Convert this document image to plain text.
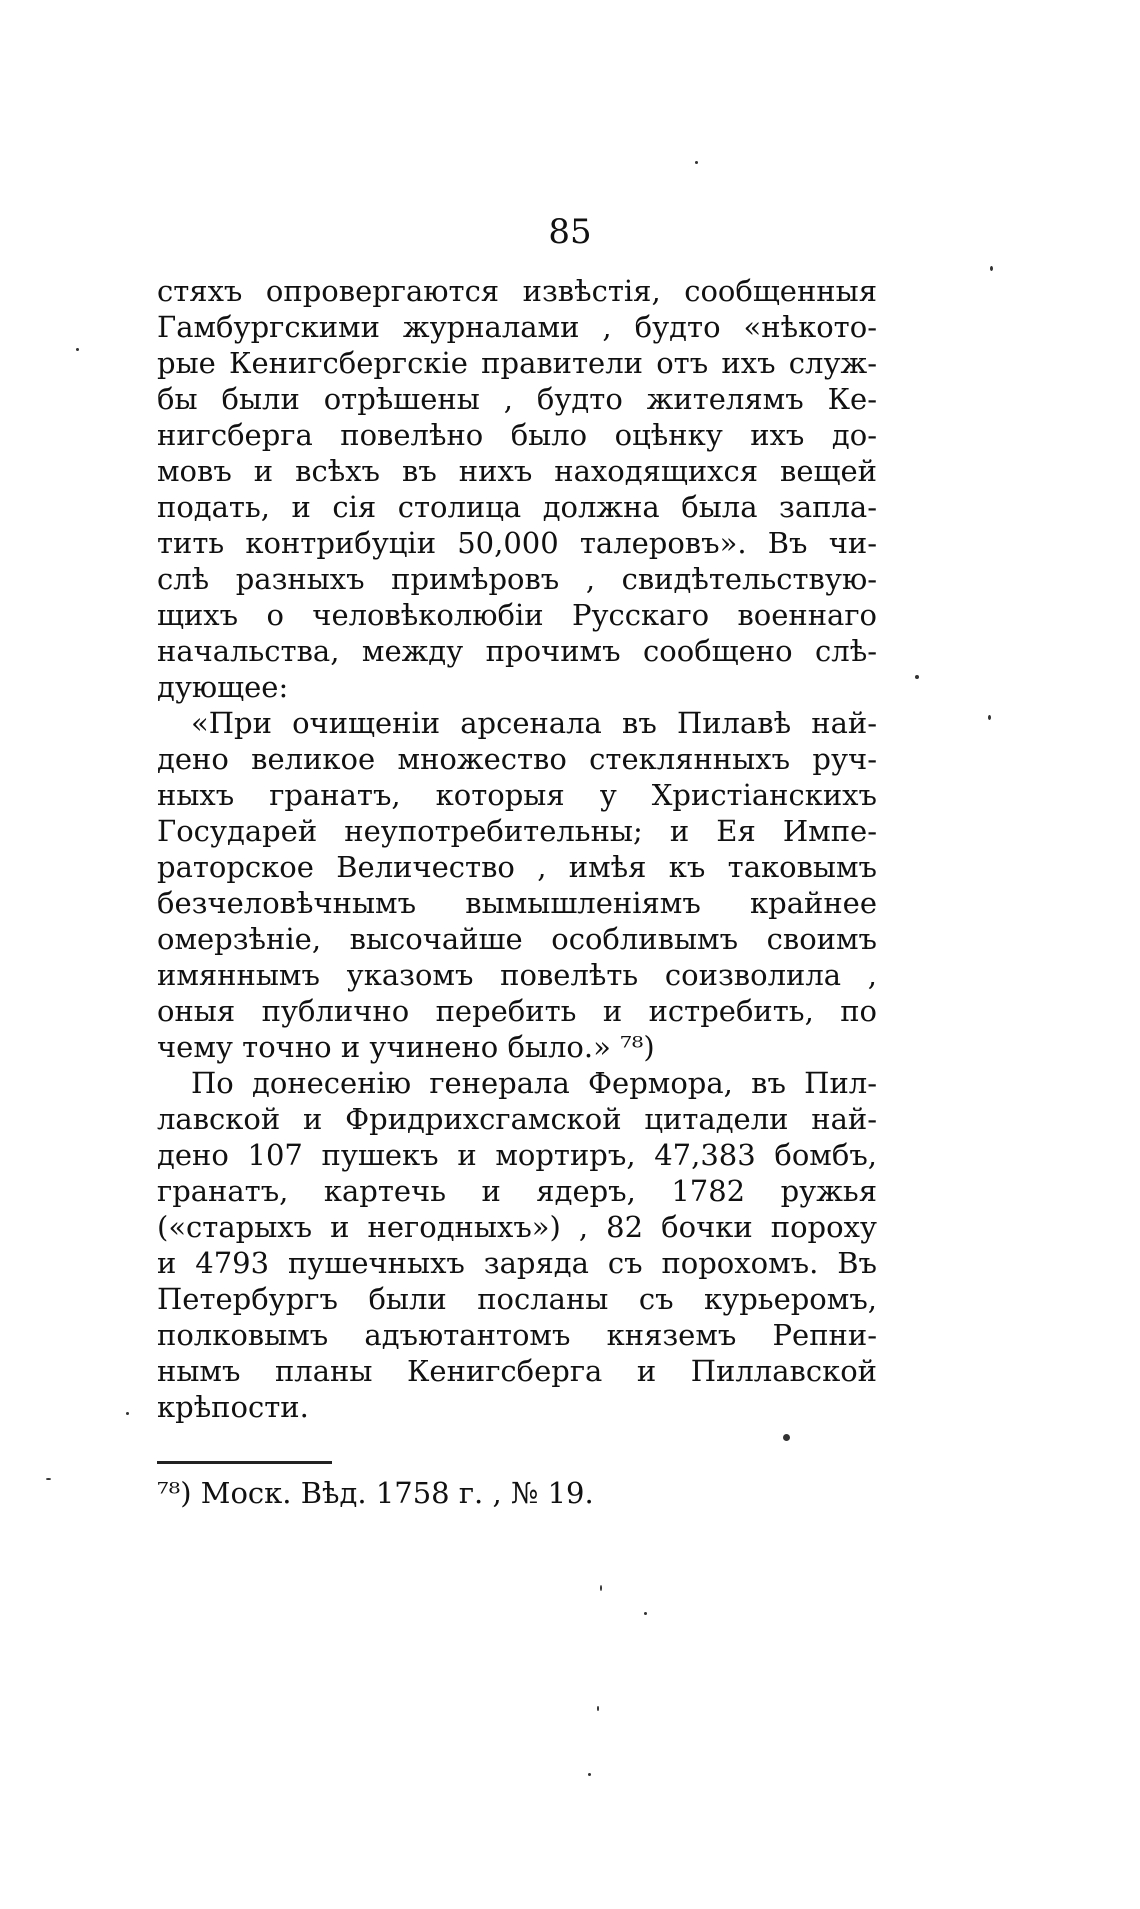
85
стяхъ опровергаются извѣстія, сообщенныя
Гамбургскими журналами , будто «нѣкото-
рые Кенигсбергскіе правители отъ ихъ служ-
бы были отрѣшены , будто жителямъ Ке-
нигсберга повелѣно было оцѣнку ихъ до-
мовъ и всѣхъ въ нихъ находящихся вещей
подать, и сія столица должна была запла-
тить контрибуціи 50,000 талеровъ». Въ чи-
слѣ разныхъ примѣровъ , свидѣтельствую-
щихъ о человѣколюбіи Русскаго военнаго
начальства, между прочимъ сообщено слѣ-
дующее:
«При очищеніи арсенала въ Пилавѣ най-
дено великое множество стеклянныхъ руч-
ныхъ гранатъ, которыя у Христіанскихъ
Государей неупотребительны; и Ея Импе-
раторское Величество , имѣя къ таковымъ
безчеловѣчнымъ вымышленіямъ крайнее
омерзѣніе, высочайше особливымъ своимъ
имяннымъ указомъ повелѣть соизволила ,
оныя публично перебить и истребить, по
чему точно и учинено было.» ⁷⁸)
По донесенію генерала Фермора, въ Пил-
лавской и Фридрихсгамской цитадели най-
дено 107 пушекъ и мортиръ, 47,383 бомбъ,
гранатъ, картечь и ядеръ, 1782 ружья
(«старыхъ и негодныхъ») , 82 бочки пороху
и 4793 пушечныхъ заряда съ порохомъ. Въ
Петербургъ были посланы съ курьеромъ,
полковымъ адъютантомъ княземъ Репни-
нымъ планы Кенигсберга и Пиллавской
крѣпости.
⁷⁸) Моск. Вѣд. 1758 г. , № 19.
